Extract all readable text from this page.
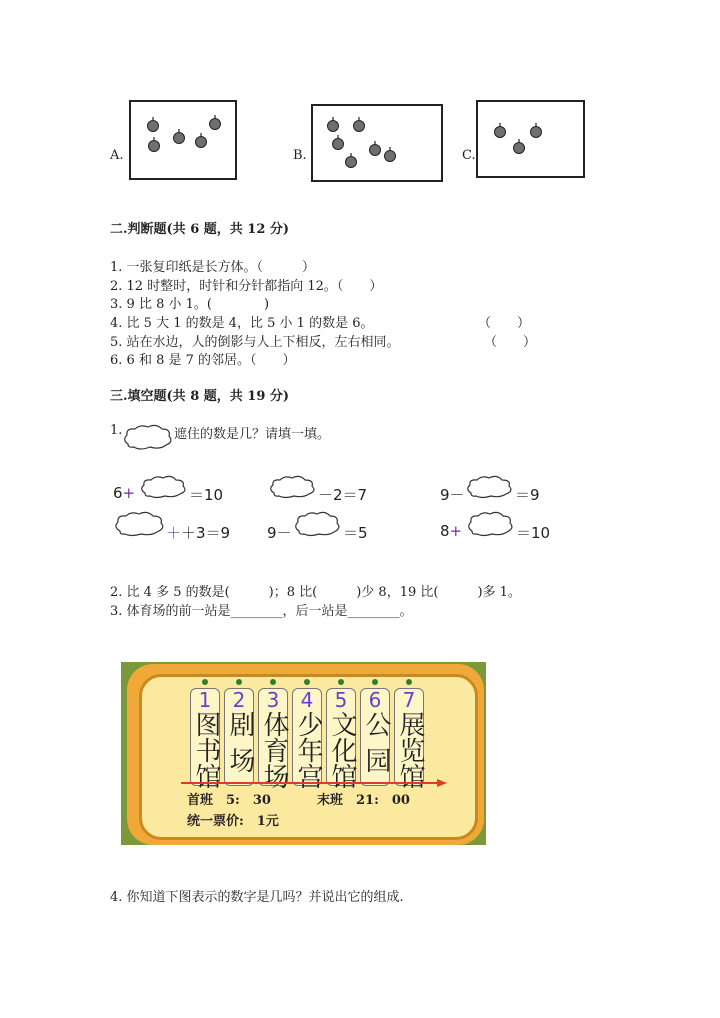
A.	B.	C.
二.判断题(共 6 题，共 12 分)
1. 一张复印纸是长方体。（　　　）
2. 12 时整时，时针和分针都指向 12。（　　）
3. 9 比 8 小 1。(　　　　)
4. 比 5 大 1 的数是 4，比 5 小 1 的数是 6。	（　　）
5. 站在水边，人的倒影与人上下相反，左右相同。	（　　）
6. 6 和 8 是 7 的邻居。（　　）
三.填空题(共 8 题，共 19 分)
1.	遮住的数是几？请填一填。
6+	＝10	－2＝7	9－	＝9
＋＋3＝9 9－	＝5	8+	＝10
2. 比 4 多 5 的数是(　　　)；8 比(　　　)少 8，19 比(　　　)多 1。
3. 体育场的前一站是________，后一站是________。
1
图书馆
2
剧场
3
体育场
4
少年宫
5
文化馆
6
公园
7
展览馆
首班　5:　30	末班　21:　00
统一票价:　1元
4. 你知道下图表示的数字是几吗？并说出它的组成.
